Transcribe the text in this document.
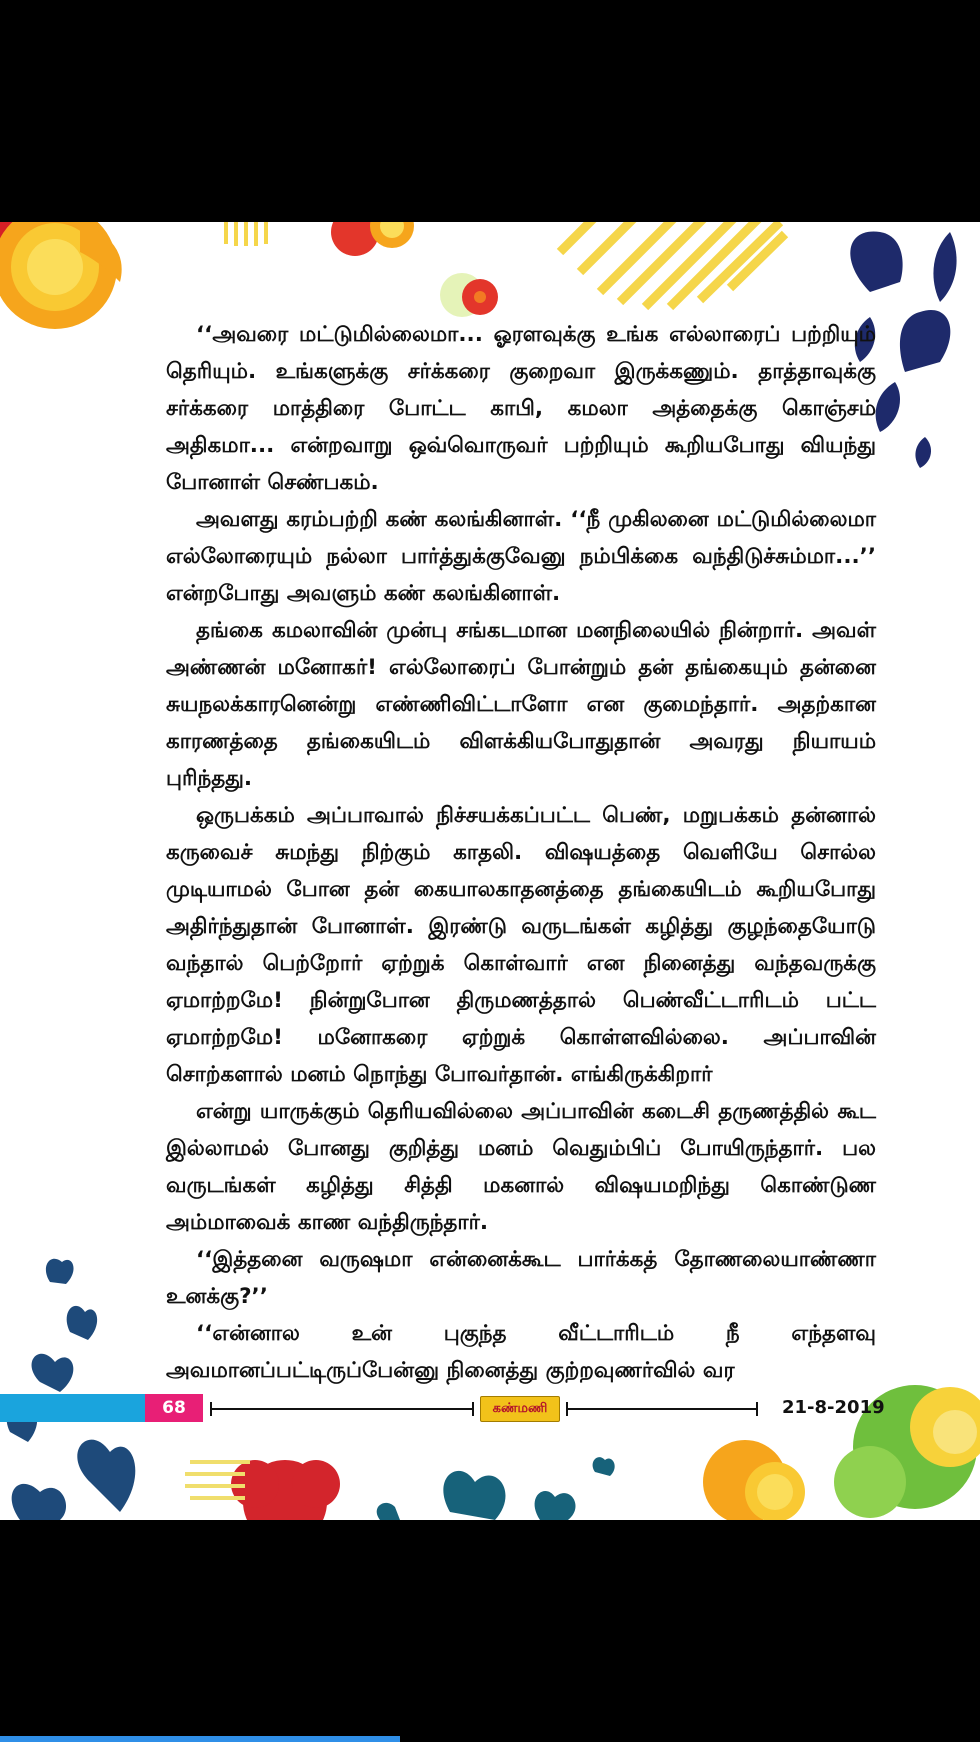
‘‘அவரை மட்டுமில்லைமா... ஓரளவுக்கு உங்க எல்லாரைப் பற்றியும் தெரியும். உங்களுக்கு சர்க்கரை குறைவா இருக்கணும். தாத்தாவுக்கு சர்க்கரை மாத்திரை போட்ட காபி, கமலா அத்தைக்கு கொஞ்சம் அதிகமா... என்றவாறு ஒவ்வொருவர் பற்றியும் கூறியபோது வியந்து போனாள் செண்பகம்.

அவளது கரம்பற்றி கண் கலங்கினாள். ‘‘நீ முகிலனை மட்டுமில்லைமா எல்லோரையும் நல்லா பார்த்துக்குவேனு நம்பிக்கை வந்திடுச்சும்மா...’’ என்றபோது அவளும் கண் கலங்கினாள்.

தங்கை கமலாவின் முன்பு சங்கடமான மனநிலையில் நின்றார். அவள் அண்ணன் மனோகர்! எல்லோரைப் போன்றும் தன் தங்கையும் தன்னை சுயநலக்காரனென்று எண்ணிவிட்டாளோ என குமைந்தார். அதற்கான காரணத்தை தங்கையிடம் விளக்கியபோதுதான் அவரது நியாயம் புரிந்தது.

ஒருபக்கம் அப்பாவால் நிச்சயக்கப்பட்ட பெண், மறுபக்கம் தன்னால் கருவைச் சுமந்து நிற்கும் காதலி. விஷயத்தை வெளியே சொல்ல முடியாமல் போன தன் கையாலகாதனத்தை தங்கையிடம் கூறியபோது அதிர்ந்துதான் போனாள். இரண்டு வருடங்கள் கழித்து குழந்தையோடு வந்தால் பெற்றோர் ஏற்றுக் கொள்வார் என நினைத்து வந்தவருக்கு ஏமாற்றமே! நின்றுபோன திருமணத்தால் பெண்வீட்டாரிடம் பட்ட ஏமாற்றமே! மனோகரை ஏற்றுக் கொள்ளவில்லை. அப்பாவின் சொற்களால் மனம் நொந்து போவர்தான். எங்கிருக்கிறார்

என்று யாருக்கும் தெரியவில்லை அப்பாவின் கடைசி தருணத்தில் கூட இல்லாமல் போனது குறித்து மனம் வெதும்பிப் போயிருந்தார். பல வருடங்கள் கழித்து சித்தி மகனால் விஷயமறிந்து கொண்டுண அம்மாவைக் காண வந்திருந்தார்.

‘‘இத்தனை வருஷமா என்னைக்கூட பார்க்கத் தோணலையாண்ணா உனக்கு?’’

‘‘என்னால உன் புகுந்த வீட்டாரிடம் நீ எந்தளவு அவமானப்பட்டிருப்பேன்னு நினைத்து குற்றவுணர்வில் வர

68	கண்மணி	21-8-2019
